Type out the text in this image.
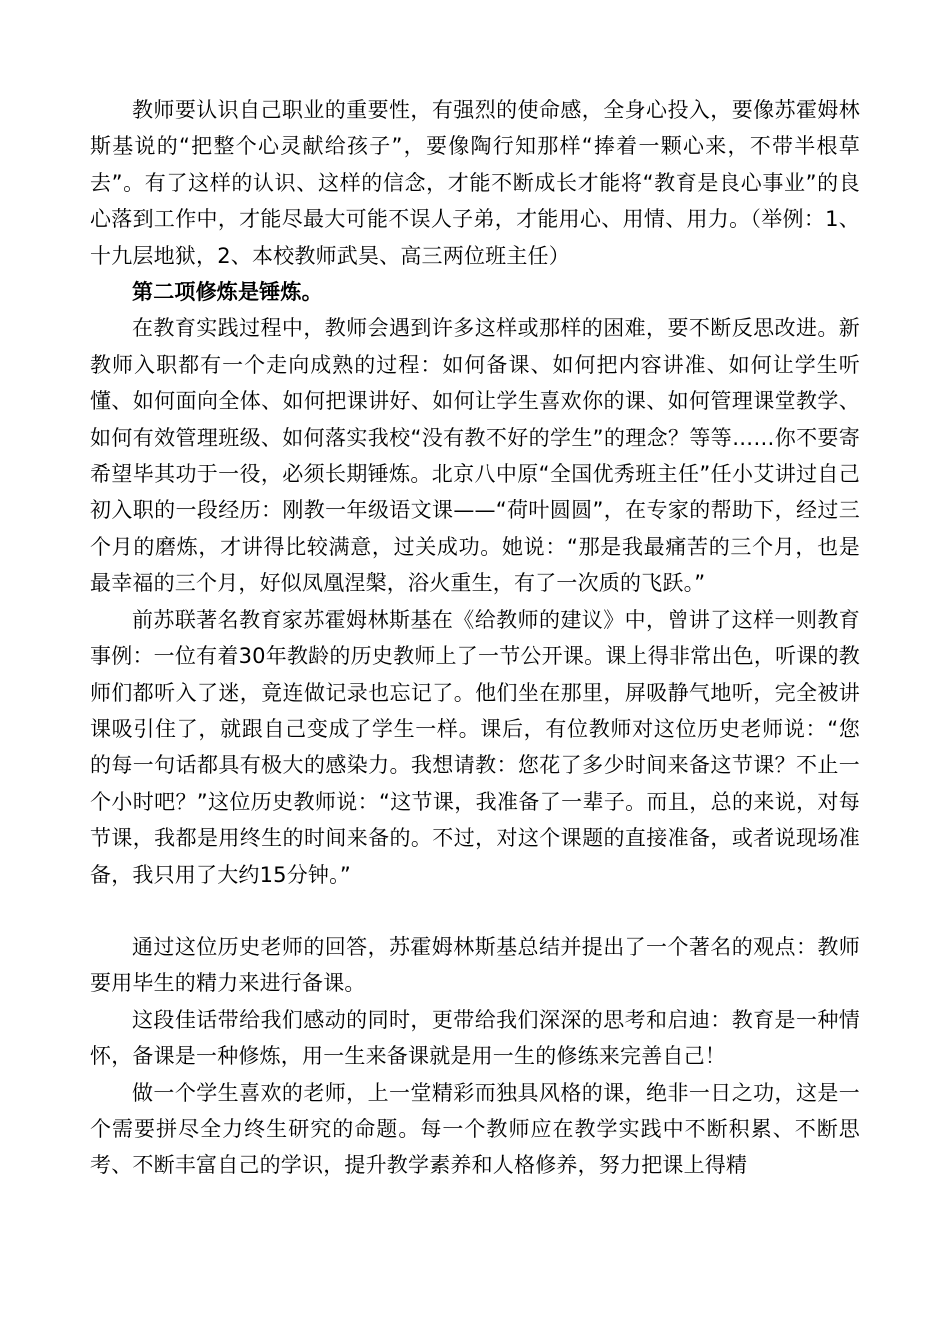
教师要认识自己职业的重要性，有强烈的使命感，全身心投入，要像苏霍姆林斯基说的“把整个心灵献给孩子”，要像陶行知那样“捧着一颗心来，不带半根草去”。有了这样的认识、这样的信念，才能不断成长才能将“教育是良心事业”的良心落到工作中，才能尽最大可能不误人子弟，才能用心、用情、用力。（举例：1、十九层地狱，2、本校教师武昊、高三两位班主任）

第二项修炼是锤炼。

在教育实践过程中，教师会遇到许多这样或那样的困难，要不断反思改进。新教师入职都有一个走向成熟的过程：如何备课、如何把内容讲准、如何让学生听懂、如何面向全体、如何把课讲好、如何让学生喜欢你的课、如何管理课堂教学、如何有效管理班级、如何落实我校“没有教不好的学生”的理念？等等……你不要寄希望毕其功于一役，必须长期锤炼。北京八中原“全国优秀班主任”任小艾讲过自己初入职的一段经历：刚教一年级语文课——“荷叶圆圆”，在专家的帮助下，经过三个月的磨炼，才讲得比较满意，过关成功。她说：“那是我最痛苦的三个月，也是最幸福的三个月，好似凤凰涅槃，浴火重生，有了一次质的飞跃。”

前苏联著名教育家苏霍姆林斯基在《给教师的建议》中，曾讲了这样一则教育事例：一位有着30年教龄的历史教师上了一节公开课。课上得非常出色，听课的教师们都听入了迷，竟连做记录也忘记了。他们坐在那里，屏吸静气地听，完全被讲课吸引住了，就跟自己变成了学生一样。课后，有位教师对这位历史老师说：“您的每一句话都具有极大的感染力。我想请教：您花了多少时间来备这节课？不止一个小时吧？”这位历史教师说：“这节课，我准备了一辈子。而且，总的来说，对每节课，我都是用终生的时间来备的。不过，对这个课题的直接准备，或者说现场准备，我只用了大约15分钟。”

通过这位历史老师的回答，苏霍姆林斯基总结并提出了一个著名的观点：教师要用毕生的精力来进行备课。

这段佳话带给我们感动的同时，更带给我们深深的思考和启迪：教育是一种情怀，备课是一种修炼，用一生来备课就是用一生的修练来完善自己！

做一个学生喜欢的老师，上一堂精彩而独具风格的课，绝非一日之功，这是一个需要拼尽全力终生研究的命题。每一个教师应在教学实践中不断积累、不断思考、不断丰富自己的学识，提升教学素养和人格修养，努力把课上得精
